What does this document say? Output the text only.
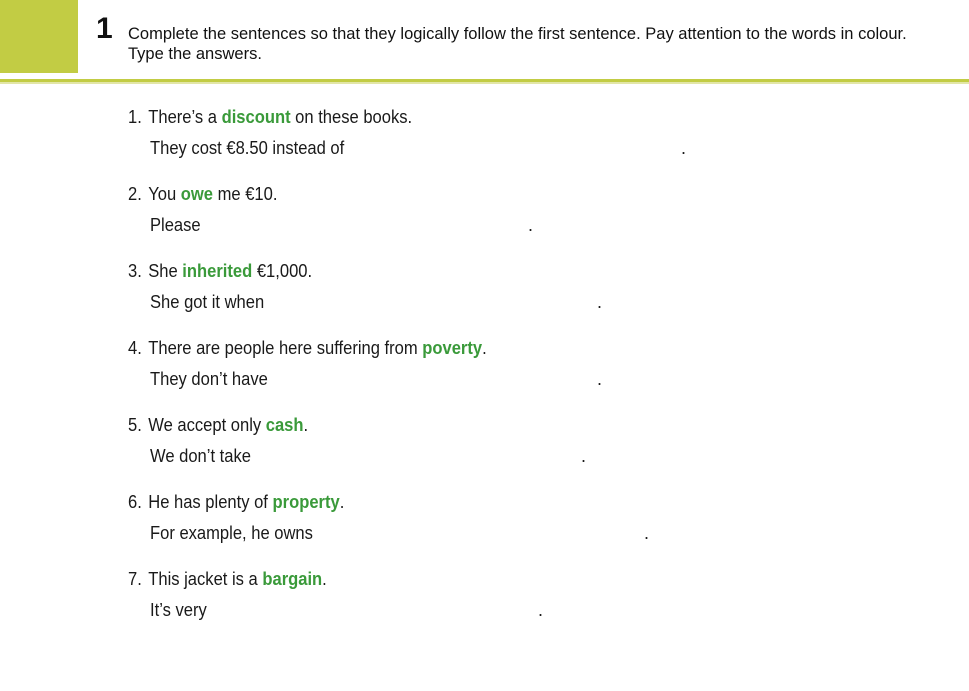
1 Complete the sentences so that they logically follow the first sentence. Pay attention to the words in colour. Type the answers.
1. There’s a discount on these books.
They cost €8.50 instead of	.
2. You owe me €10.
Please	.
3. She inherited €1,000.
She got it when	.
4. There are people here suffering from poverty.
They don’t have	.
5. We accept only cash.
We don’t take	.
6. He has plenty of property.
For example, he owns	.
7. This jacket is a bargain.
It’s very	.
